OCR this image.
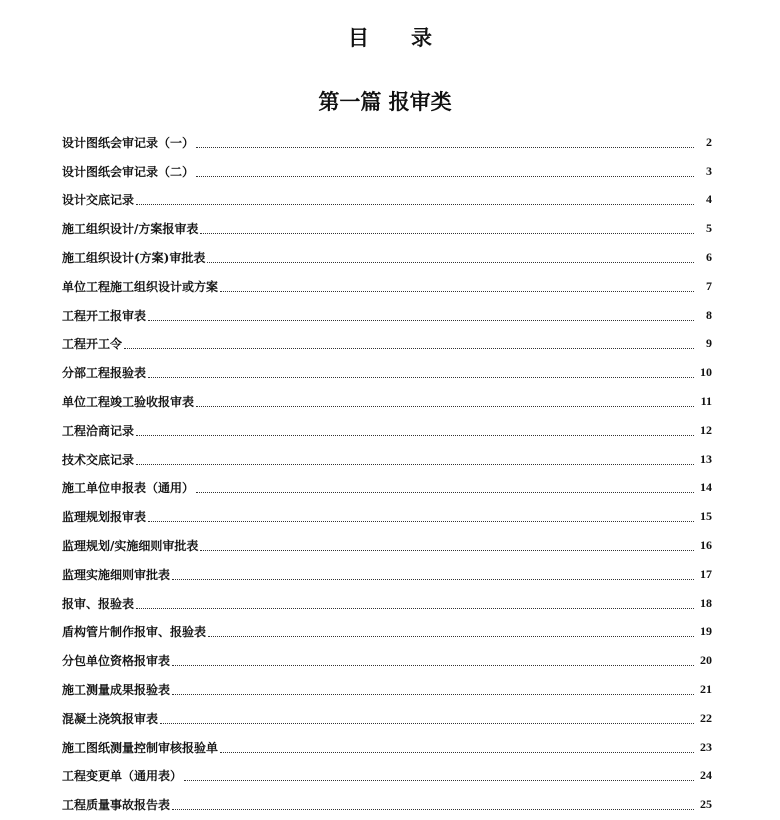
目 录
第一篇 报审类
设计图纸会审记录（一）	2
设计图纸会审记录（二）	3
设计交底记录	4
施工组织设计/方案报审表	5
施工组织设计(方案)审批表	6
单位工程施工组织设计或方案	7
工程开工报审表	8
工程开工令	9
分部工程报验表	10
单位工程竣工验收报审表	11
工程洽商记录	12
技术交底记录	13
施工单位申报表（通用）	14
监理规划报审表	15
监理规划/实施细则审批表	16
监理实施细则审批表	17
报审、报验表	18
盾构管片制作报审、报验表	19
分包单位资格报审表	20
施工测量成果报验表	21
混凝土浇筑报审表	22
施工图纸测量控制审核报验单	23
工程变更单（通用表）	24
工程质量事故报告表	25
